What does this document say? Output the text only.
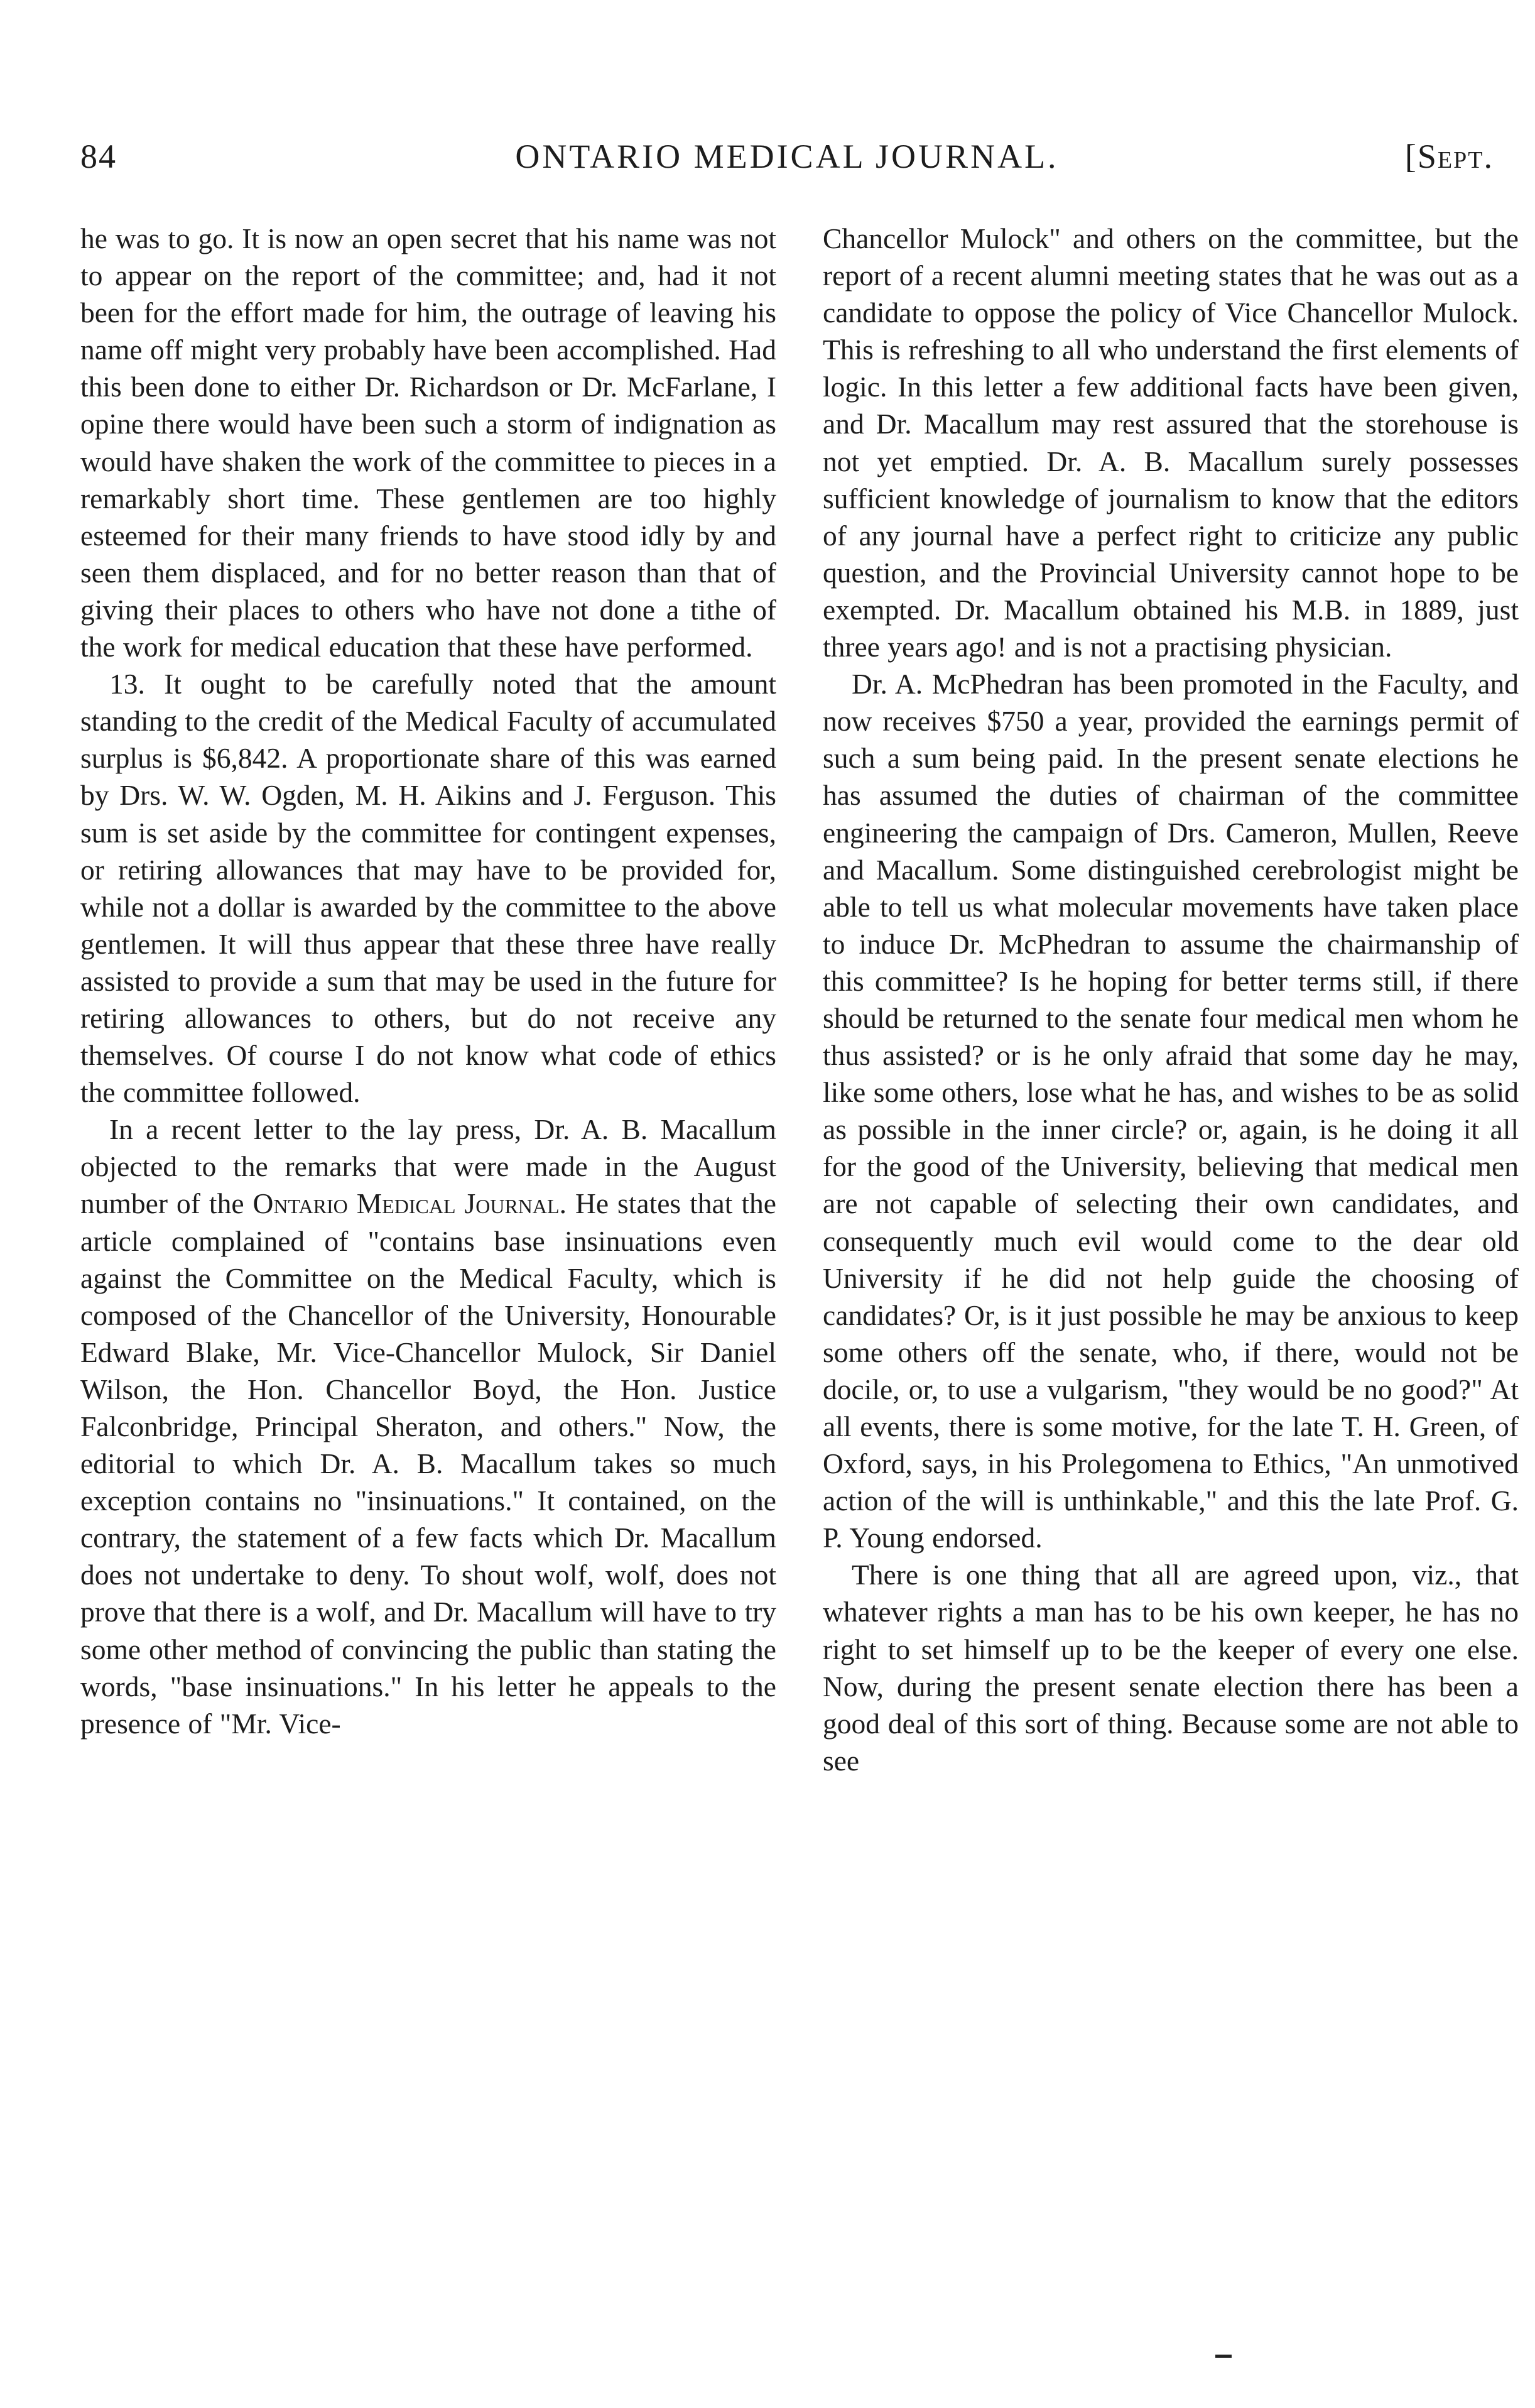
84	ONTARIO MEDICAL JOURNAL.	[Sept.

he was to go. It is now an open secret that his name was not to appear on the report of the committee; and, had it not been for the effort made for him, the outrage of leaving his name off might very probably have been accomplished. Had this been done to either Dr. Richardson or Dr. McFarlane, I opine there would have been such a storm of indignation as would have shaken the work of the committee to pieces in a remarkably short time. These gentlemen are too highly esteemed for their many friends to have stood idly by and seen them displaced, and for no better reason than that of giving their places to others who have not done a tithe of the work for medical education that these have performed.

13. It ought to be carefully noted that the amount standing to the credit of the Medical Faculty of accumulated surplus is $6,842. A proportionate share of this was earned by Drs. W. W. Ogden, M. H. Aikins and J. Ferguson. This sum is set aside by the committee for contingent expenses, or retiring allowances that may have to be provided for, while not a dollar is awarded by the committee to the above gentlemen. It will thus appear that these three have really assisted to provide a sum that may be used in the future for retiring allowances to others, but do not receive any themselves. Of course I do not know what code of ethics the committee followed.

In a recent letter to the lay press, Dr. A. B. Macallum objected to the remarks that were made in the August number of the Ontario Medical Journal. He states that the article complained of "contains base insinuations even against the Committee on the Medical Faculty, which is composed of the Chancellor of the University, Honourable Edward Blake, Mr. Vice-Chancellor Mulock, Sir Daniel Wilson, the Hon. Chancellor Boyd, the Hon. Justice Falconbridge, Principal Sheraton, and others." Now, the editorial to which Dr. A. B. Macallum takes so much exception contains no "insinuations." It contained, on the contrary, the statement of a few facts which Dr. Macallum does not undertake to deny. To shout wolf, wolf, does not prove that there is a wolf, and Dr. Macallum will have to try some other method of convincing the public than stating the words, "base insinuations." In his letter he appeals to the presence of "Mr. Vice-

Chancellor Mulock" and others on the committee, but the report of a recent alumni meeting states that he was out as a candidate to oppose the policy of Vice Chancellor Mulock. This is refreshing to all who understand the first elements of logic. In this letter a few additional facts have been given, and Dr. Macallum may rest assured that the storehouse is not yet emptied. Dr. A. B. Macallum surely possesses sufficient knowledge of journalism to know that the editors of any journal have a perfect right to criticize any public question, and the Provincial University cannot hope to be exempted. Dr. Macallum obtained his M.B. in 1889, just three years ago! and is not a practising physician.

Dr. A. McPhedran has been promoted in the Faculty, and now receives $750 a year, provided the earnings permit of such a sum being paid. In the present senate elections he has assumed the duties of chairman of the committee engineering the campaign of Drs. Cameron, Mullen, Reeve and Macallum. Some distinguished cerebrologist might be able to tell us what molecular movements have taken place to induce Dr. McPhedran to assume the chairmanship of this committee? Is he hoping for better terms still, if there should be returned to the senate four medical men whom he thus assisted? or is he only afraid that some day he may, like some others, lose what he has, and wishes to be as solid as possible in the inner circle? or, again, is he doing it all for the good of the University, believing that medical men are not capable of selecting their own candidates, and consequently much evil would come to the dear old University if he did not help guide the choosing of candidates? Or, is it just possible he may be anxious to keep some others off the senate, who, if there, would not be docile, or, to use a vulgarism, "they would be no good?" At all events, there is some motive, for the late T. H. Green, of Oxford, says, in his Prolegomena to Ethics, "An unmotived action of the will is unthinkable," and this the late Prof. G. P. Young endorsed.

There is one thing that all are agreed upon, viz., that whatever rights a man has to be his own keeper, he has no right to set himself up to be the keeper of every one else. Now, during the present senate election there has been a good deal of this sort of thing. Because some are not able to see
